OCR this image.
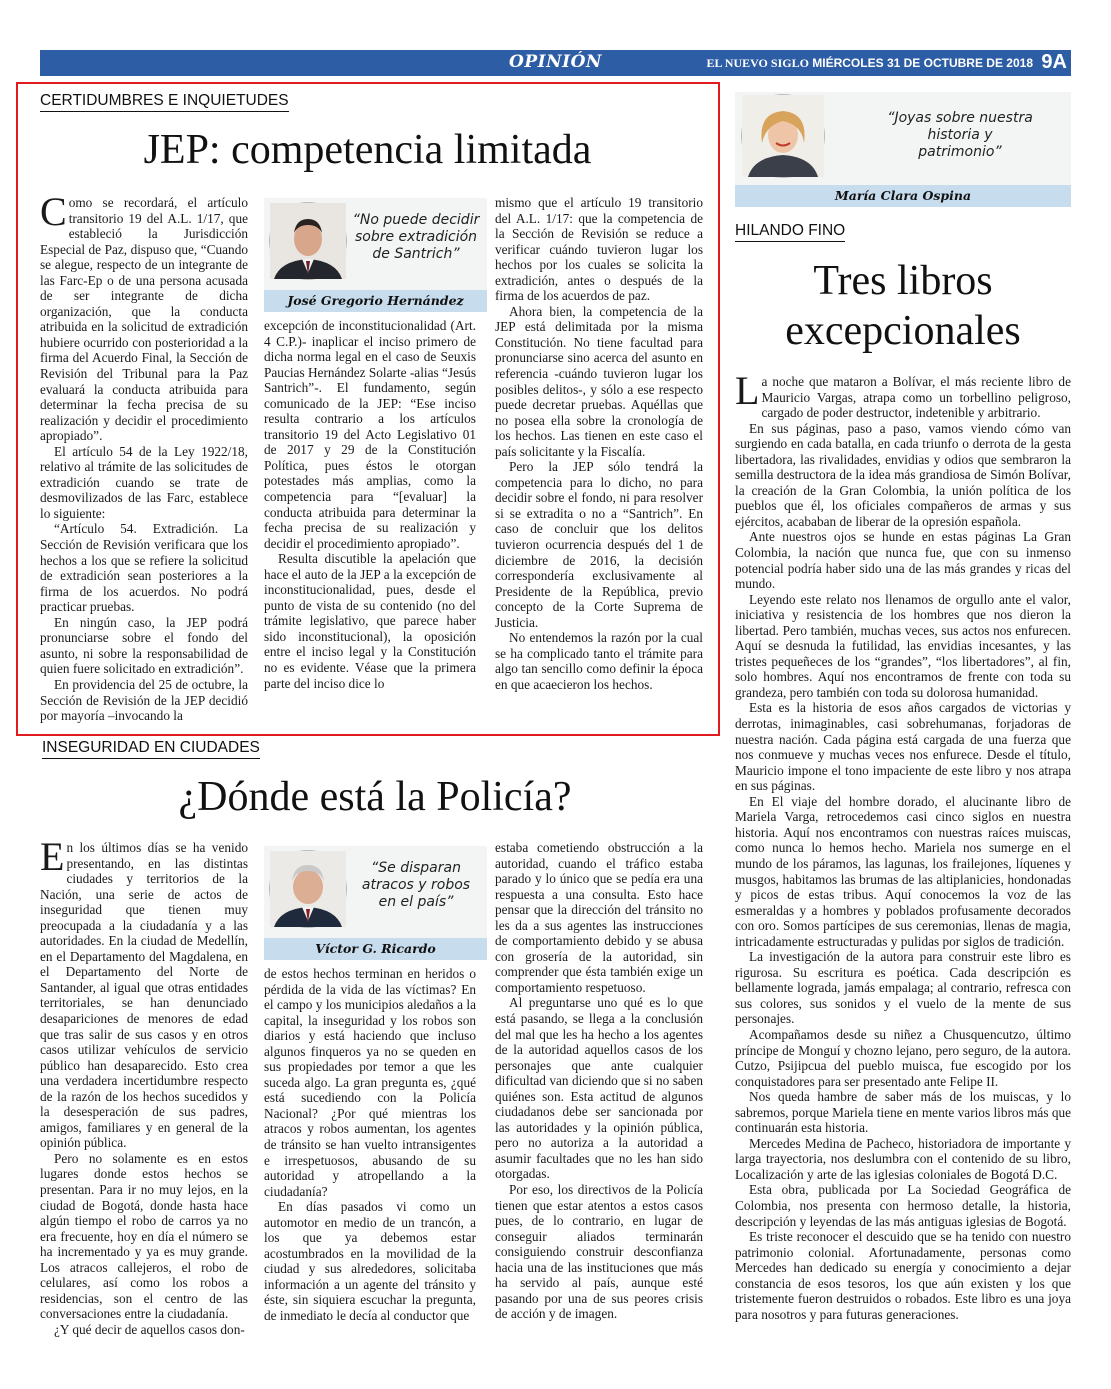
OPINIÓN	EL NUEVO SIGLO MIÉRCOLES 31 DE OCTUBRE DE 2018 9A
CERTIDUMBRES E INQUIETUDES
JEP: competencia limitada
C omo se recordará, el artículo transitorio 19 del A.L. 1/17, que estableció la Jurisdicción Especial de Paz, dispuso que, “Cuando se alegue, respecto de un integrante de las Farc-Ep o de una persona acusada de ser integrante de dicha organización, que la conducta atribuida en la solicitud de extradición hubiere ocurrido con posterioridad a la firma del Acuerdo Final, la Sección de Revisión del Tribunal para la Paz evaluará la conducta atribuida para determinar la fecha precisa de su realización y decidir el procedimiento apropiado”.

El artículo 54 de la Ley 1922/18, relativo al trámite de las solicitudes de extradición cuando se trate de desmovilizados de las Farc, establece lo siguiente:

“Artículo 54. Extradición. La Sección de Revisión verificara que los hechos a los que se refiere la solicitud de extradición sean posteriores a la firma de los acuerdos. No podrá practicar pruebas.

En ningún caso, la JEP podrá pronunciarse sobre el fondo del asunto, ni sobre la responsabilidad de quien fuere solicitado en extradición”.

En providencia del 25 de octubre, la Sección de Revisión de la JEP decidió por mayoría –invocando la

“No puede decidir sobre extradición de Santrich”
José Gregorio Hernández

excepción de inconstitucionalidad (Art. 4 C.P.)- inaplicar el inciso primero de dicha norma legal en el caso de Seuxis Paucias Hernández Solarte -alias “Jesús Santrich”-. El fundamento, según comunicado de la JEP: “Ese inciso resulta contrario a los artículos transitorio 19 del Acto Legislativo 01 de 2017 y 29 de la Constitución Política, pues éstos le otorgan potestades más amplias, como la competencia para “[evaluar] la conducta atribuida para determinar la fecha precisa de su realización y decidir el procedimiento apropiado”.

Resulta discutible la apelación que hace el auto de la JEP a la excepción de inconstitucionalidad, pues, desde el punto de vista de su contenido (no del trámite legislativo, que parece haber sido inconstitucional), la oposición entre el inciso legal y la Constitución no es evidente. Véase que la primera parte del inciso dice lo

mismo que el artículo 19 transitorio del A.L. 1/17: que la competencia de la Sección de Revisión se reduce a verificar cuándo tuvieron lugar los hechos por los cuales se solicita la extradición, antes o después de la firma de los acuerdos de paz.

Ahora bien, la competencia de la JEP está delimitada por la misma Constitución. No tiene facultad para pronunciarse sino acerca del asunto en referencia -cuándo tuvieron lugar los posibles delitos-, y sólo a ese respecto puede decretar pruebas. Aquéllas que no posea ella sobre la cronología de los hechos. Las tienen en este caso el país solicitante y la Fiscalía.

Pero la JEP sólo tendrá la competencia para lo dicho, no para decidir sobre el fondo, ni para resolver si se extradita o no a “Santrich”. En caso de concluir que los delitos tuvieron ocurrencia después del 1 de diciembre de 2016, la decisión correspondería exclusivamente al Presidente de la República, previo concepto de la Corte Suprema de Justicia.

No entendemos la razón por la cual se ha complicado tanto el trámite para algo tan sencillo como definir la época en que acaecieron los hechos.

INSEGURIDAD EN CIUDADES
¿Dónde está la Policía?
E n los últimos días se ha venido presentando, en las distintas ciudades y territorios de la Nación, una serie de actos de inseguridad que tienen muy preocupada a la ciudadanía y a las autoridades. En la ciudad de Medellín, en el Departamento del Magdalena, en el Departamento del Norte de Santander, al igual que otras entidades territoriales, se han denunciado desapariciones de menores de edad que tras salir de sus casos y en otros casos utilizar vehículos de servicio público han desaparecido. Esto crea una verdadera incertidumbre respecto de la razón de los hechos sucedidos y la desesperación de sus padres, amigos, familiares y en general de la opinión pública.

Pero no solamente es en estos lugares donde estos hechos se presentan. Para ir no muy lejos, en la ciudad de Bogotá, donde hasta hace algún tiempo el robo de carros ya no era frecuente, hoy en día el número se ha incrementado y ya es muy grande. Los atracos callejeros, el robo de celulares, así como los robos a residencias, son el centro de las conversaciones entre la ciudadanía.

¿Y qué decir de aquellos casos don-

“Se disparan atracos y robos en el país”
Víctor G. Ricardo

de estos hechos terminan en heridos o pérdida de la vida de las víctimas? En el campo y los municipios aledaños a la capital, la inseguridad y los robos son diarios y está haciendo que incluso algunos finqueros ya no se queden en sus propiedades por temor a que les suceda algo. La gran pregunta es, ¿qué está sucediendo con la Policía Nacional? ¿Por qué mientras los atracos y robos aumentan, los agentes de tránsito se han vuelto intransigentes e irrespetuosos, abusando de su autoridad y atropellando a la ciudadanía?

En días pasados vi como un automotor en medio de un trancón, a los que ya debemos estar acostumbrados en la movilidad de la ciudad y sus alrededores, solicitaba información a un agente del tránsito y éste, sin siquiera escuchar la pregunta, de inmediato le decía al conductor que

estaba cometiendo obstrucción a la autoridad, cuando el tráfico estaba parado y lo único que se pedía era una respuesta a una consulta. Esto hace pensar que la dirección del tránsito no les da a sus agentes las instrucciones de comportamiento debido y se abusa con grosería de la autoridad, sin comprender que ésta también exige un comportamiento respetuoso.

Al preguntarse uno qué es lo que está pasando, se llega a la conclusión del mal que les ha hecho a los agentes de la autoridad aquellos casos de los personajes que ante cualquier dificultad van diciendo que si no saben quiénes son. Esta actitud de algunos ciudadanos debe ser sancionada por las autoridades y la opinión pública, pero no autoriza a la autoridad a asumir facultades que no les han sido otorgadas.

Por eso, los directivos de la Policía tienen que estar atentos a estos casos pues, de lo contrario, en lugar de conseguir aliados terminarán consiguiendo construir desconfianza hacia una de las instituciones que más ha servido al país, aunque esté pasando por una de sus peores crisis de acción y de imagen.

“Joyas sobre nuestra historia y patrimonio”
María Clara Ospina
HILANDO FINO
Tres libros
excepcionales
L a noche que mataron a Bolívar, el más reciente libro de Mauricio Vargas, atrapa como un torbellino peligroso, cargado de poder destructor, indetenible y arbitrario.

En sus páginas, paso a paso, vamos viendo cómo van surgiendo en cada batalla, en cada triunfo o derrota de la gesta libertadora, las rivalidades, envidias y odios que sembraron la semilla destructora de la idea más grandiosa de Simón Bolívar, la creación de la Gran Colombia, la unión política de los pueblos que él, los oficiales compañeros de armas y sus ejércitos, acababan de liberar de la opresión española.

Ante nuestros ojos se hunde en estas páginas La Gran Colombia, la nación que nunca fue, que con su inmenso potencial podría haber sido una de las más grandes y ricas del mundo.

Leyendo este relato nos llenamos de orgullo ante el valor, iniciativa y resistencia de los hombres que nos dieron la libertad. Pero también, muchas veces, sus actos nos enfurecen. Aquí se desnuda la futilidad, las envidias incesantes, y las tristes pequeñeces de los “grandes”, “los libertadores”, al fin, solo hombres. Aquí nos encontramos de frente con toda su grandeza, pero también con toda su dolorosa humanidad.

Esta es la historia de esos años cargados de victorias y derrotas, inimaginables, casi sobrehumanas, forjadoras de nuestra nación. Cada página está cargada de una fuerza que nos conmueve y muchas veces nos enfurece. Desde el título, Mauricio impone el tono impaciente de este libro y nos atrapa en sus páginas.

En El viaje del hombre dorado, el alucinante libro de Mariela Varga, retrocedemos casi cinco siglos en nuestra historia. Aquí nos encontramos con nuestras raíces muiscas, como nunca lo hemos hecho. Mariela nos sumerge en el mundo de los páramos, las lagunas, los frailejones, líquenes y musgos, habitamos las brumas de las altiplanicies, hondonadas y picos de estas tribus. Aquí conocemos la voz de las esmeraldas y a hombres y poblados profusamente decorados con oro. Somos partícipes de sus ceremonias, llenas de magia, intricadamente estructuradas y pulidas por siglos de tradición.

La investigación de la autora para construir este libro es rigurosa. Su escritura es poética. Cada descripción es bellamente lograda, jamás empalaga; al contrario, refresca con sus colores, sus sonidos y el vuelo de la mente de sus personajes.

Acompañamos desde su niñez a Chusquencutzo, último príncipe de Monguí y chozno lejano, pero seguro, de la autora. Cutzo, Psijipcua del pueblo muisca, fue escogido por los conquistadores para ser presentado ante Felipe II.

Nos queda hambre de saber más de los muiscas, y lo sabremos, porque Mariela tiene en mente varios libros más que continuarán esta historia.

Mercedes Medina de Pacheco, historiadora de importante y larga trayectoria, nos deslumbra con el contenido de su libro, Localización y arte de las iglesias coloniales de Bogotá D.C.

Esta obra, publicada por La Sociedad Geográfica de Colombia, nos presenta con hermoso detalle, la historia, descripción y leyendas de las más antiguas iglesias de Bogotá.

Es triste reconocer el descuido que se ha tenido con nuestro patrimonio colonial. Afortunadamente, personas como Mercedes han dedicado su energía y conocimiento a dejar constancia de esos tesoros, los que aún existen y los que tristemente fueron destruidos o robados. Este libro es una joya para nosotros y para futuras generaciones.
